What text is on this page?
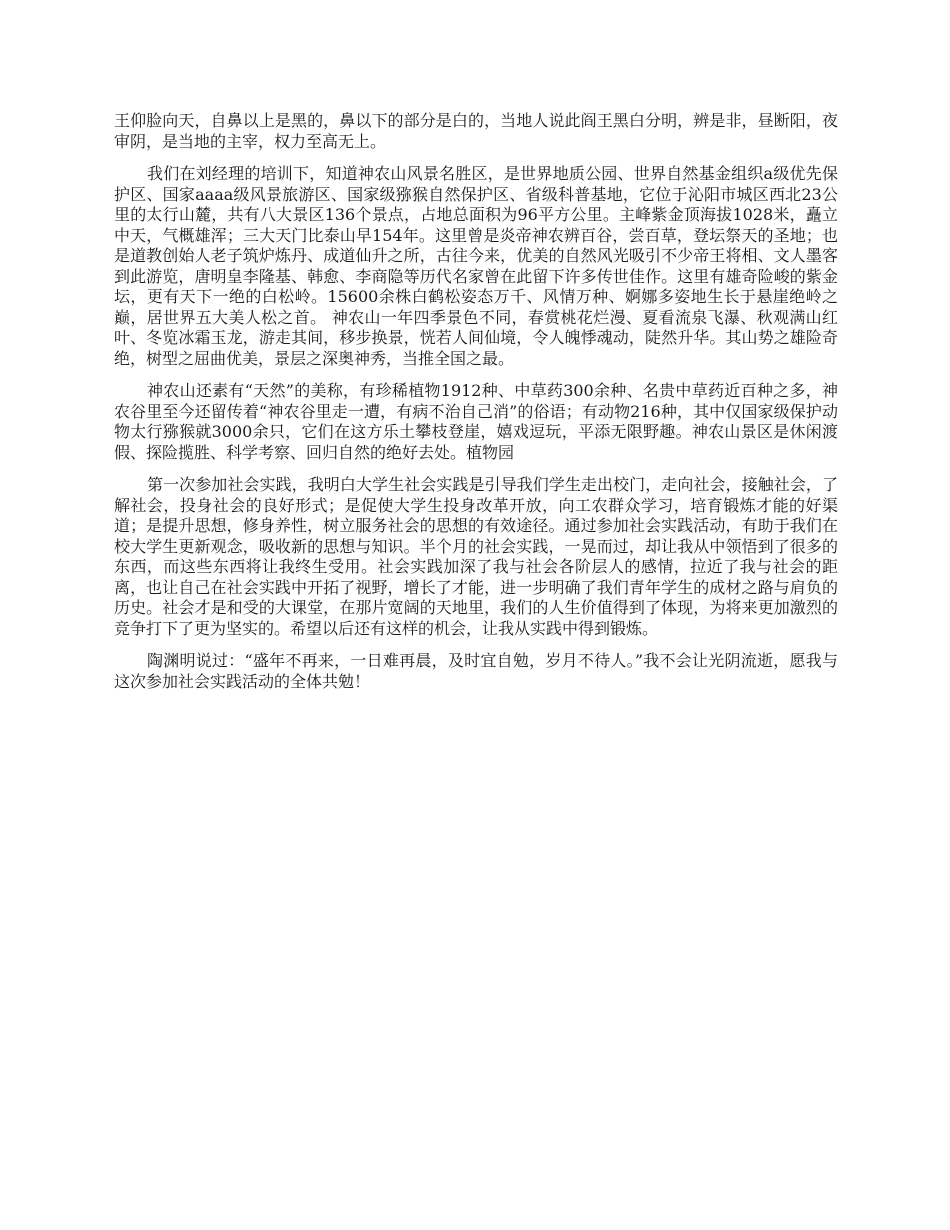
王仰脸向天，自鼻以上是黑的，鼻以下的部分是白的，当地人说此阎王黑白分明，辨是非，昼断阳，夜审阴，是当地的主宰，权力至高无上。

我们在刘经理的培训下，知道神农山风景名胜区，是世界地质公园、世界自然基金组织a级优先保护区、国家aaaa级风景旅游区、国家级猕猴自然保护区、省级科普基地，它位于沁阳市城区西北23公里的太行山麓，共有八大景区136个景点，占地总面积为96平方公里。主峰紫金顶海拔1028米，矗立中天，气概雄浑；三大天门比泰山早154年。这里曾是炎帝神农辨百谷，尝百草，登坛祭天的圣地；也是道教创始人老子筑炉炼丹、成道仙升之所，古往今来，优美的自然风光吸引不少帝王将相、文人墨客到此游览，唐明皇李隆基、韩愈、李商隐等历代名家曾在此留下许多传世佳作。这里有雄奇险峻的紫金坛，更有天下一绝的白松岭。15600余株白鹤松姿态万千、风情万种、婀娜多姿地生长于悬崖绝岭之巅，居世界五大美人松之首。 神农山一年四季景色不同，春赏桃花烂漫、夏看流泉飞瀑、秋观满山红叶、冬览冰霜玉龙，游走其间，移步换景，恍若人间仙境，令人魄悸魂动，陡然升华。其山势之雄险奇绝，树型之屈曲优美，景层之深奥神秀，当推全国之最。

神农山还素有“天然”的美称，有珍稀植物1912种、中草药300余种、名贵中草药近百种之多，神农谷里至今还留传着“神农谷里走一遭，有病不治自己消”的俗语；有动物216种，其中仅国家级保护动物太行猕猴就3000余只，它们在这方乐土攀枝登崖，嬉戏逗玩，平添无限野趣。神农山景区是休闲渡假、探险揽胜、科学考察、回归自然的绝好去处。植物园

第一次参加社会实践，我明白大学生社会实践是引导我们学生走出校门，走向社会，接触社会，了解社会，投身社会的良好形式；是促使大学生投身改革开放，向工农群众学习，培育锻炼才能的好渠道；是提升思想，修身养性，树立服务社会的思想的有效途径。通过参加社会实践活动，有助于我们在校大学生更新观念，吸收新的思想与知识。半个月的社会实践，一晃而过，却让我从中领悟到了很多的东西，而这些东西将让我终生受用。社会实践加深了我与社会各阶层人的感情，拉近了我与社会的距离，也让自己在社会实践中开拓了视野，增长了才能，进一步明确了我们青年学生的成材之路与肩负的历史。社会才是和受的大课堂，在那片宽阔的天地里，我们的人生价值得到了体现，为将来更加激烈的竞争打下了更为坚实的。希望以后还有这样的机会，让我从实践中得到锻炼。

陶渊明说过：“盛年不再来，一日难再晨，及时宜自勉，岁月不待人。”我不会让光阴流逝，愿我与这次参加社会实践活动的全体共勉！
